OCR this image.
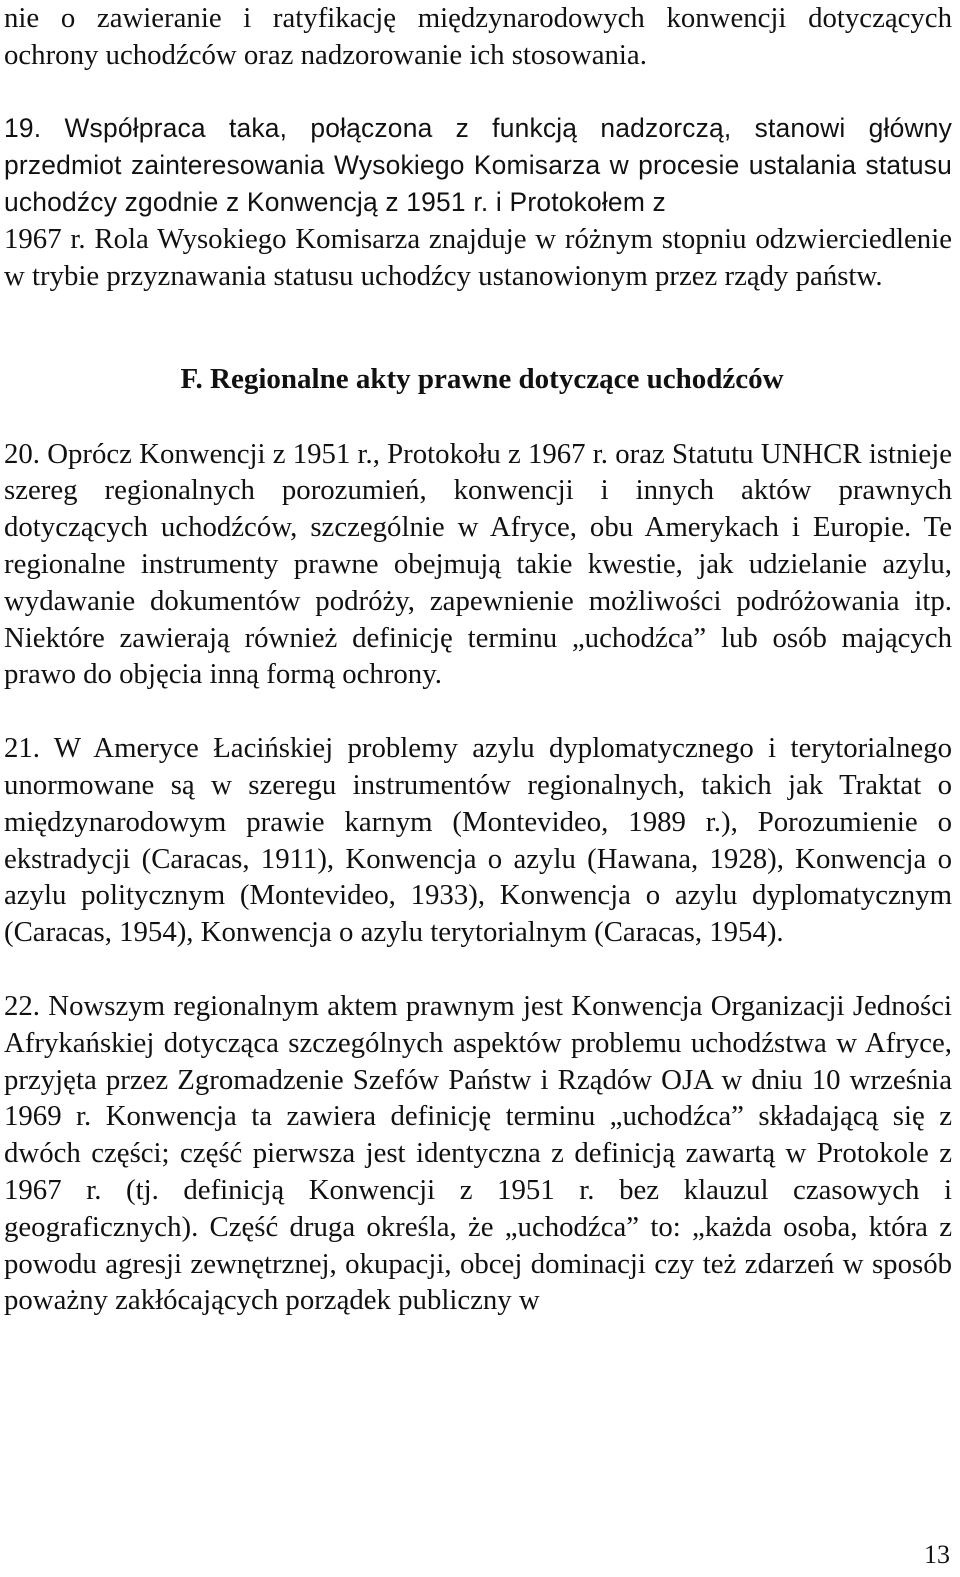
nie o zawieranie i ratyfikację międzynarodowych konwencji dotyczących ochrony uchodźców oraz nadzorowanie ich stosowania.

19. Współpraca taka, połączona z funkcją nadzorczą, stanowi główny przedmiot zainteresowania Wysokiego Komisarza w procesie ustalania statusu uchodźcy zgodnie z Konwencją z 1951 r. i Protokołem z

1967 r. Rola Wysokiego Komisarza znajduje w różnym stopniu odzwierciedlenie w trybie przyznawania statusu uchodźcy ustanowionym przez rządy państw.

F. Regionalne akty prawne dotyczące uchodźców

20. Oprócz Konwencji z 1951 r., Protokołu z 1967 r. oraz Statutu UNHCR istnieje szereg regionalnych porozumień, konwencji i innych aktów prawnych dotyczących uchodźców, szczególnie w Afryce, obu Amerykach i Europie. Te regionalne instrumenty prawne obejmują takie kwestie, jak udzielanie azylu, wydawanie dokumentów podróży, zapewnienie możliwości podróżowania itp. Niektóre zawierają również definicję terminu „uchodźca” lub osób mających prawo do objęcia inną formą ochrony.

21. W Ameryce Łacińskiej problemy azylu dyplomatycznego i terytorialnego unormowane są w szeregu instrumentów regionalnych, takich jak Traktat o międzynarodowym prawie karnym (Montevideo, 1989 r.), Porozumienie o ekstradycji (Caracas, 1911), Konwencja o azylu (Hawana, 1928), Konwencja o azylu politycznym (Montevideo, 1933), Konwencja o azylu dyplomatycznym (Caracas, 1954), Konwencja o azylu terytorialnym (Caracas, 1954).

22. Nowszym regionalnym aktem prawnym jest Konwencja Organizacji Jedności Afrykańskiej dotycząca szczególnych aspektów problemu uchodźstwa w Afryce, przyjęta przez Zgromadzenie Szefów Państw i Rządów OJA w dniu 10 września 1969 r. Konwencja ta zawiera definicję terminu „uchodźca” składającą się z dwóch części; część pierwsza jest identyczna z definicją zawartą w Protokole z 1967 r. (tj. definicją Konwencji z 1951 r. bez klauzul czasowych i geograficznych). Część druga określa, że „uchodźca” to: „każda osoba, która z powodu agresji zewnętrznej, okupacji, obcej dominacji czy też zdarzeń w sposób poważny zakłócających porządek publiczny w

13
